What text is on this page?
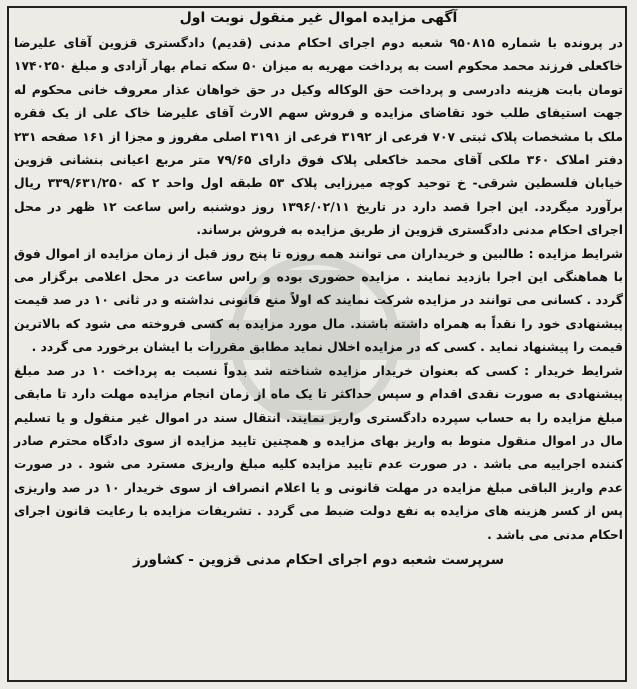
آگهی مزایده اموال غیر منقول نوبت اول

در پرونده با شماره ۹۵۰۸۱۵ شعبه دوم اجرای احکام مدنی (قدیم) دادگستری قزوین آقای علیرضا خاکعلی فرزند محمد محکوم است به پرداخت مهریه به میزان ۵۰ سکه تمام بهار آزادی و مبلغ ۱۷۴۰۲۵۰ تومان بابت هزینه دادرسی و پرداخت حق الوکاله وکیل در حق خواهان عذار معروف خانی محکوم له جهت استیفای طلب خود تقاضای مزایده و فروش سهم الارث آقای علیرضا خاک علی از یک فقره ملک با مشخصات پلاک ثبتی ۷۰۷ فرعی از ۳۱۹۲ فرعی از ۳۱۹۱ اصلی مفروز و مجزا از ۱۶۱ صفحه ۲۳۱ دفتر املاک ۳۶۰ ملکی آقای محمد خاکعلی پلاک فوق دارای ۷۹/۶۵ متر مربع اعیانی بنشانی قزوین خیابان فلسطین شرقی- خ توحید کوچه میرزایی پلاک ۵۳ طبقه اول واحد ۲ که ۳۳۹/۶۳۱/۲۵۰ ریال برآورد میگردد. این اجرا قصد دارد در تاریخ ۱۳۹۶/۰۲/۱۱ روز دوشنبه راس ساعت ۱۲ ظهر در محل اجرای احکام مدنی دادگستری قزوین از طریق مزایده به فروش برساند.

شرایط مزایده : طالبین و خریداران می توانند همه روزه تا پنج روز قبل از زمان مزایده از اموال فوق با هماهنگی این اجرا بازدید نمایند . مزایده حضوری بوده و راس ساعت در محل اعلامی برگزار می گردد . کسانی می توانند در مزایده شرکت نمایند که اولاً منع قانونی نداشته و در ثانی ۱۰ در صد قیمت پیشنهادی خود را نقداً به همراه داشته باشند. مال مورد مزایده به کسی فروخته می شود که بالاترین قیمت را پیشنهاد نماید . کسی که در مزایده اخلال نماید مطابق مقررات با ایشان برخورد می گردد .

شرایط خریدار : کسی که بعنوان خریدار مزایده شناخته شد بدواً نسبت به پرداخت ۱۰ در صد مبلغ پیشنهادی به صورت نقدی اقدام و سپس حداکثر تا یک ماه از زمان انجام مزایده مهلت دارد تا مابقی مبلغ مزایده را به حساب سپرده دادگستری واریز نمایند. انتقال سند در اموال غیر منقول و یا تسلیم مال در اموال منقول منوط به واریز بهای مزایده و همچنین تایید مزایده از سوی دادگاه محترم صادر کننده اجراییه می باشد . در صورت عدم تایید مزایده کلیه مبلغ واریزی مسترد می شود . در صورت عدم واریز الباقی مبلغ مزایده در مهلت قانونی و یا اعلام انصراف از سوی خریدار ۱۰ در صد واریزی پس از کسر هزینه های مزایده به نفع دولت ضبط می گردد . تشریفات مزایده با رعایت قانون اجرای احکام مدنی می باشد .

سرپرست شعبه دوم اجرای احکام مدنی قزوین - کشاورز
